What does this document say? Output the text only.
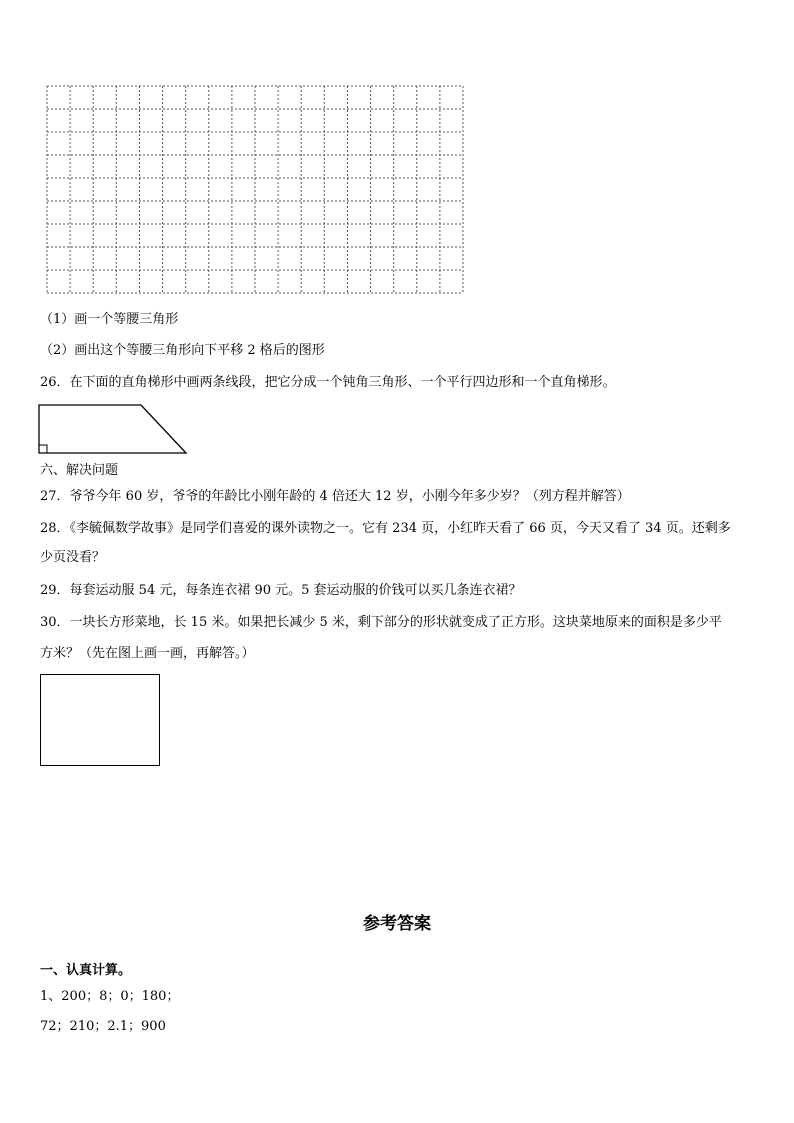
（1）画一个等腰三角形
（2）画出这个等腰三角形向下平移 2 格后的图形
26．在下面的直角梯形中画两条线段，把它分成一个钝角三角形、一个平行四边形和一个直角梯形。
六、解决问题
27．爷爷今年 60 岁，爷爷的年龄比小刚年龄的 4 倍还大 12 岁，小刚今年多少岁？（列方程并解答）
28．《李毓佩数学故事》是同学们喜爱的课外读物之一。它有 234 页，小红昨天看了 66 页，今天又看了 34 页。还剩多
少页没看？
29．每套运动服 54 元，每条连衣裙 90 元。5 套运动服的价钱可以买几条连衣裙？
30．一块长方形菜地，长 15 米。如果把长减少 5 米，剩下部分的形状就变成了正方形。这块菜地原来的面积是多少平
方米？（先在图上画一画，再解答。）
参考答案
一、认真计算。
1、200；8；0；180；
72；210；2.1；900
